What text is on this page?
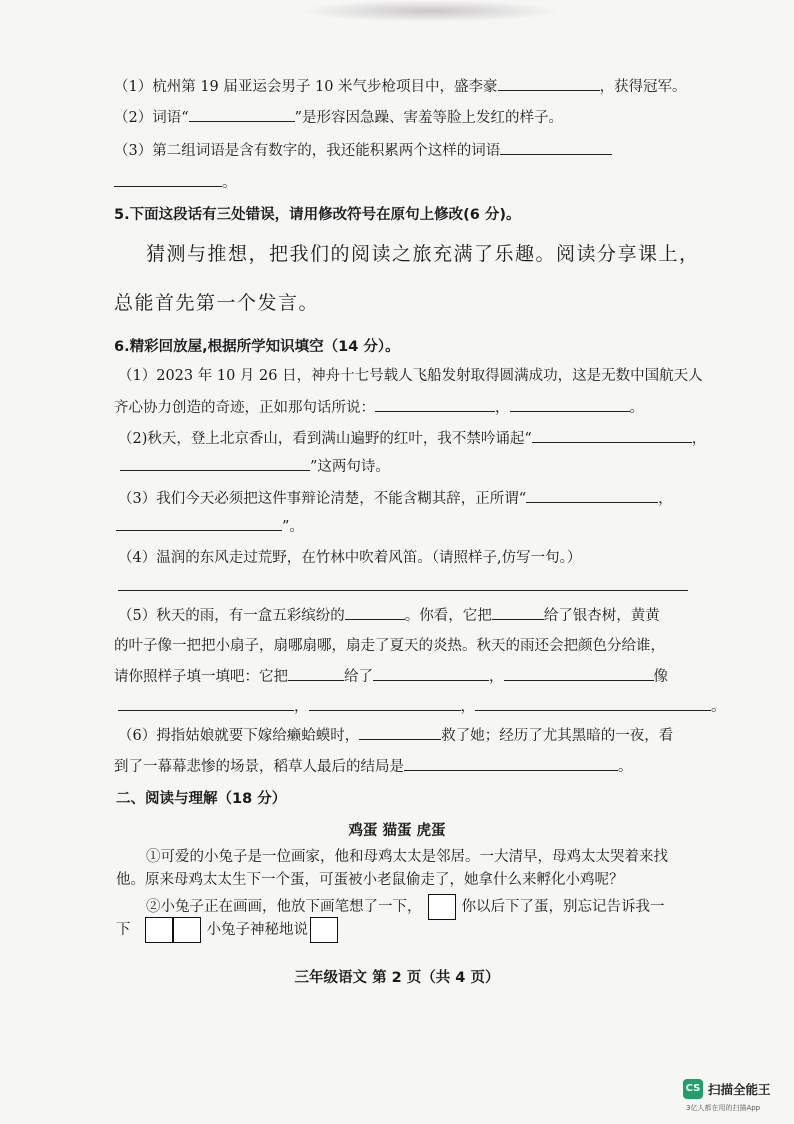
（1）杭州第 19 届亚运会男子 10 米气步枪项目中，盛李豪	，获得冠军。
（2）词语“	”是形容因急躁、害羞等脸上发红的样子。
（3）第二组词语是含有数字的，我还能积累两个这样的词语
。
5.下面这段话有三处错误，请用修改符号在原句上修改(6 分)。
猜测与推想，把我们的阅读之旅充满了乐趣。阅读分享课上，
总能首先第一个发言。
6.精彩回放屋,根据所学知识填空（14 分）。
（1）2023 年 10 月 26 日，神舟十七号载人飞船发射取得圆满成功，这是无数中国航天人
齐心协力创造的奇迹，正如那句话所说：	，	。
（2)秋天，登上北京香山，看到满山遍野的红叶，我不禁吟诵起“	，
”这两句诗。
（3）我们今天必须把这件事辩论清楚，不能含糊其辞，正所谓“	，
”。
（4）温润的东风走过荒野，在竹林中吹着风笛。（请照样子,仿写一句。）
（5）秋天的雨，有一盒五彩缤纷的	。你看，它把	给了银杏树，黄黄
的叶子像一把把小扇子，扇哪扇哪，扇走了夏天的炎热。秋天的雨还会把颜色分给谁，
请你照样子填一填吧：它把	给了	，	像
，	，	。
（6）拇指姑娘就要下嫁给癞蛤蟆时，	救了她；经历了尤其黑暗的一夜，看
到了一幕幕悲惨的场景，稻草人最后的结局是	。
二、阅读与理解（18 分）
鸡蛋 猫蛋 虎蛋
①可爱的小兔子是一位画家，他和母鸡太太是邻居。一大清早，母鸡太太哭着来找
他。原来母鸡太太生下一个蛋，可蛋被小老鼠偷走了，她拿什么来孵化小鸡呢？
②小兔子正在画画，他放下画笔想了一下，	你以后下了蛋，别忘记告诉我一
下	小兔子神秘地说
三年级语文 第 2 页（共 4 页）
CS 扫描全能王
3亿人都在用的扫描App
